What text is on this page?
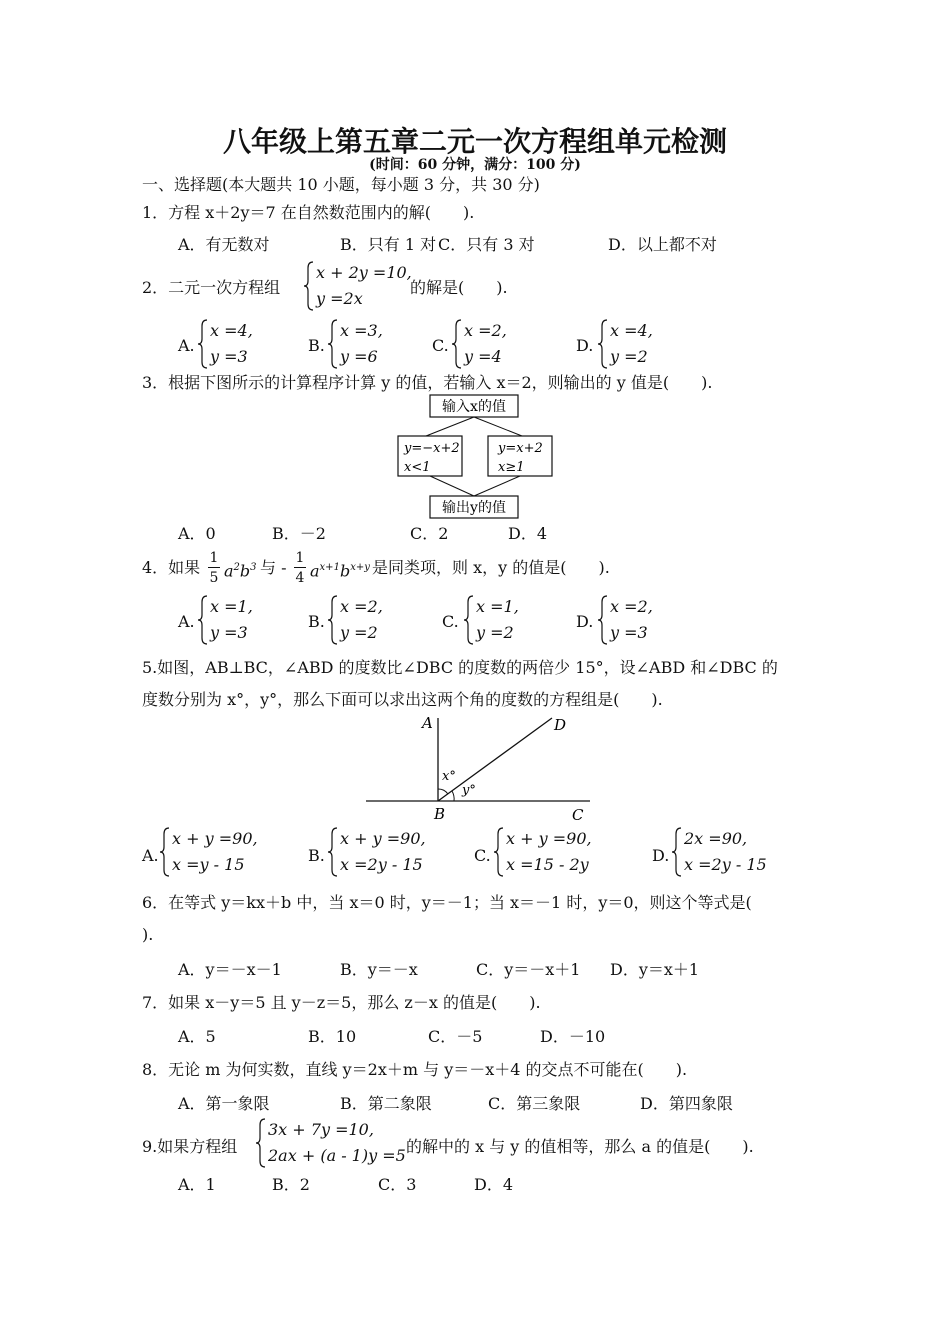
八年级上第五章二元一次方程组单元检测
(时间：60 分钟，满分：100 分)
一、选择题(本大题共 10 小题，每小题 3 分，共 30 分)
1．方程 x＋2y＝7 在自然数范围内的解(　　).
A．有无数对	B．只有 1 对 C．只有 3 对	D．以上都不对
2．二元一次方程组
x + 2y =10,
y =2x
的解是(　　).
A.
x =4,
y =3
B.
x =3,
y =6
C.
x =2,
y =4
D.
x =4,
y =2
3．根据下图所示的计算程序计算 y 的值，若输入 x＝2，则输出的 y 值是(　　).
输入x的值
y=−x+2
x<1
y=x+2
x≥1
输出y的值
A．0	B．－2	C．2	D．4
4．如果 1
5 $a^2b^3$ 与 - 1
4 $a^{x+1}b^{x+y}$ 是同类项，则 x，y 的值是(　　).
A.
x =1,
y =3
B.
x =2,
y =2
C.
x =1,
y =2
D.
x =2,
y =3
5.如图，AB⊥BC，∠ABD 的度数比∠DBC 的度数的两倍少 15°，设∠ABD 和∠DBC 的
度数分别为 x°，y°，那么下面可以求出这两个角的度数的方程组是(　　).
A	D
B	C
x°
y°
A.
x + y =90,
x =y - 15	B.
x + y =90,
x =2y - 15	C.
x + y =90,
x =15 - 2y	D.
2x =90,
x =2y - 15
6．在等式 y＝kx＋b 中，当 x＝0 时，y＝－1；当 x＝－1 时，y＝0，则这个等式是(
).
A．y＝－x－1	B．y＝－x	C．y＝－x＋1 D．y＝x＋1
7．如果 x－y＝5 且 y－z＝5，那么 z－x 的值是(　　).
A．5	B．10	C．－5	D．－10
8．无论 m 为何实数，直线 y＝2x＋m 与 y＝－x＋4 的交点不可能在(　　).
A．第一象限	B．第二象限	C．第三象限	D．第四象限
9.如果方程组
3x + 7y =10,
2ax + (a - 1)y =5 的解中的 x 与 y 的值相等，那么 a 的值是(　　).
A．1	B．2	C．3	D．4
